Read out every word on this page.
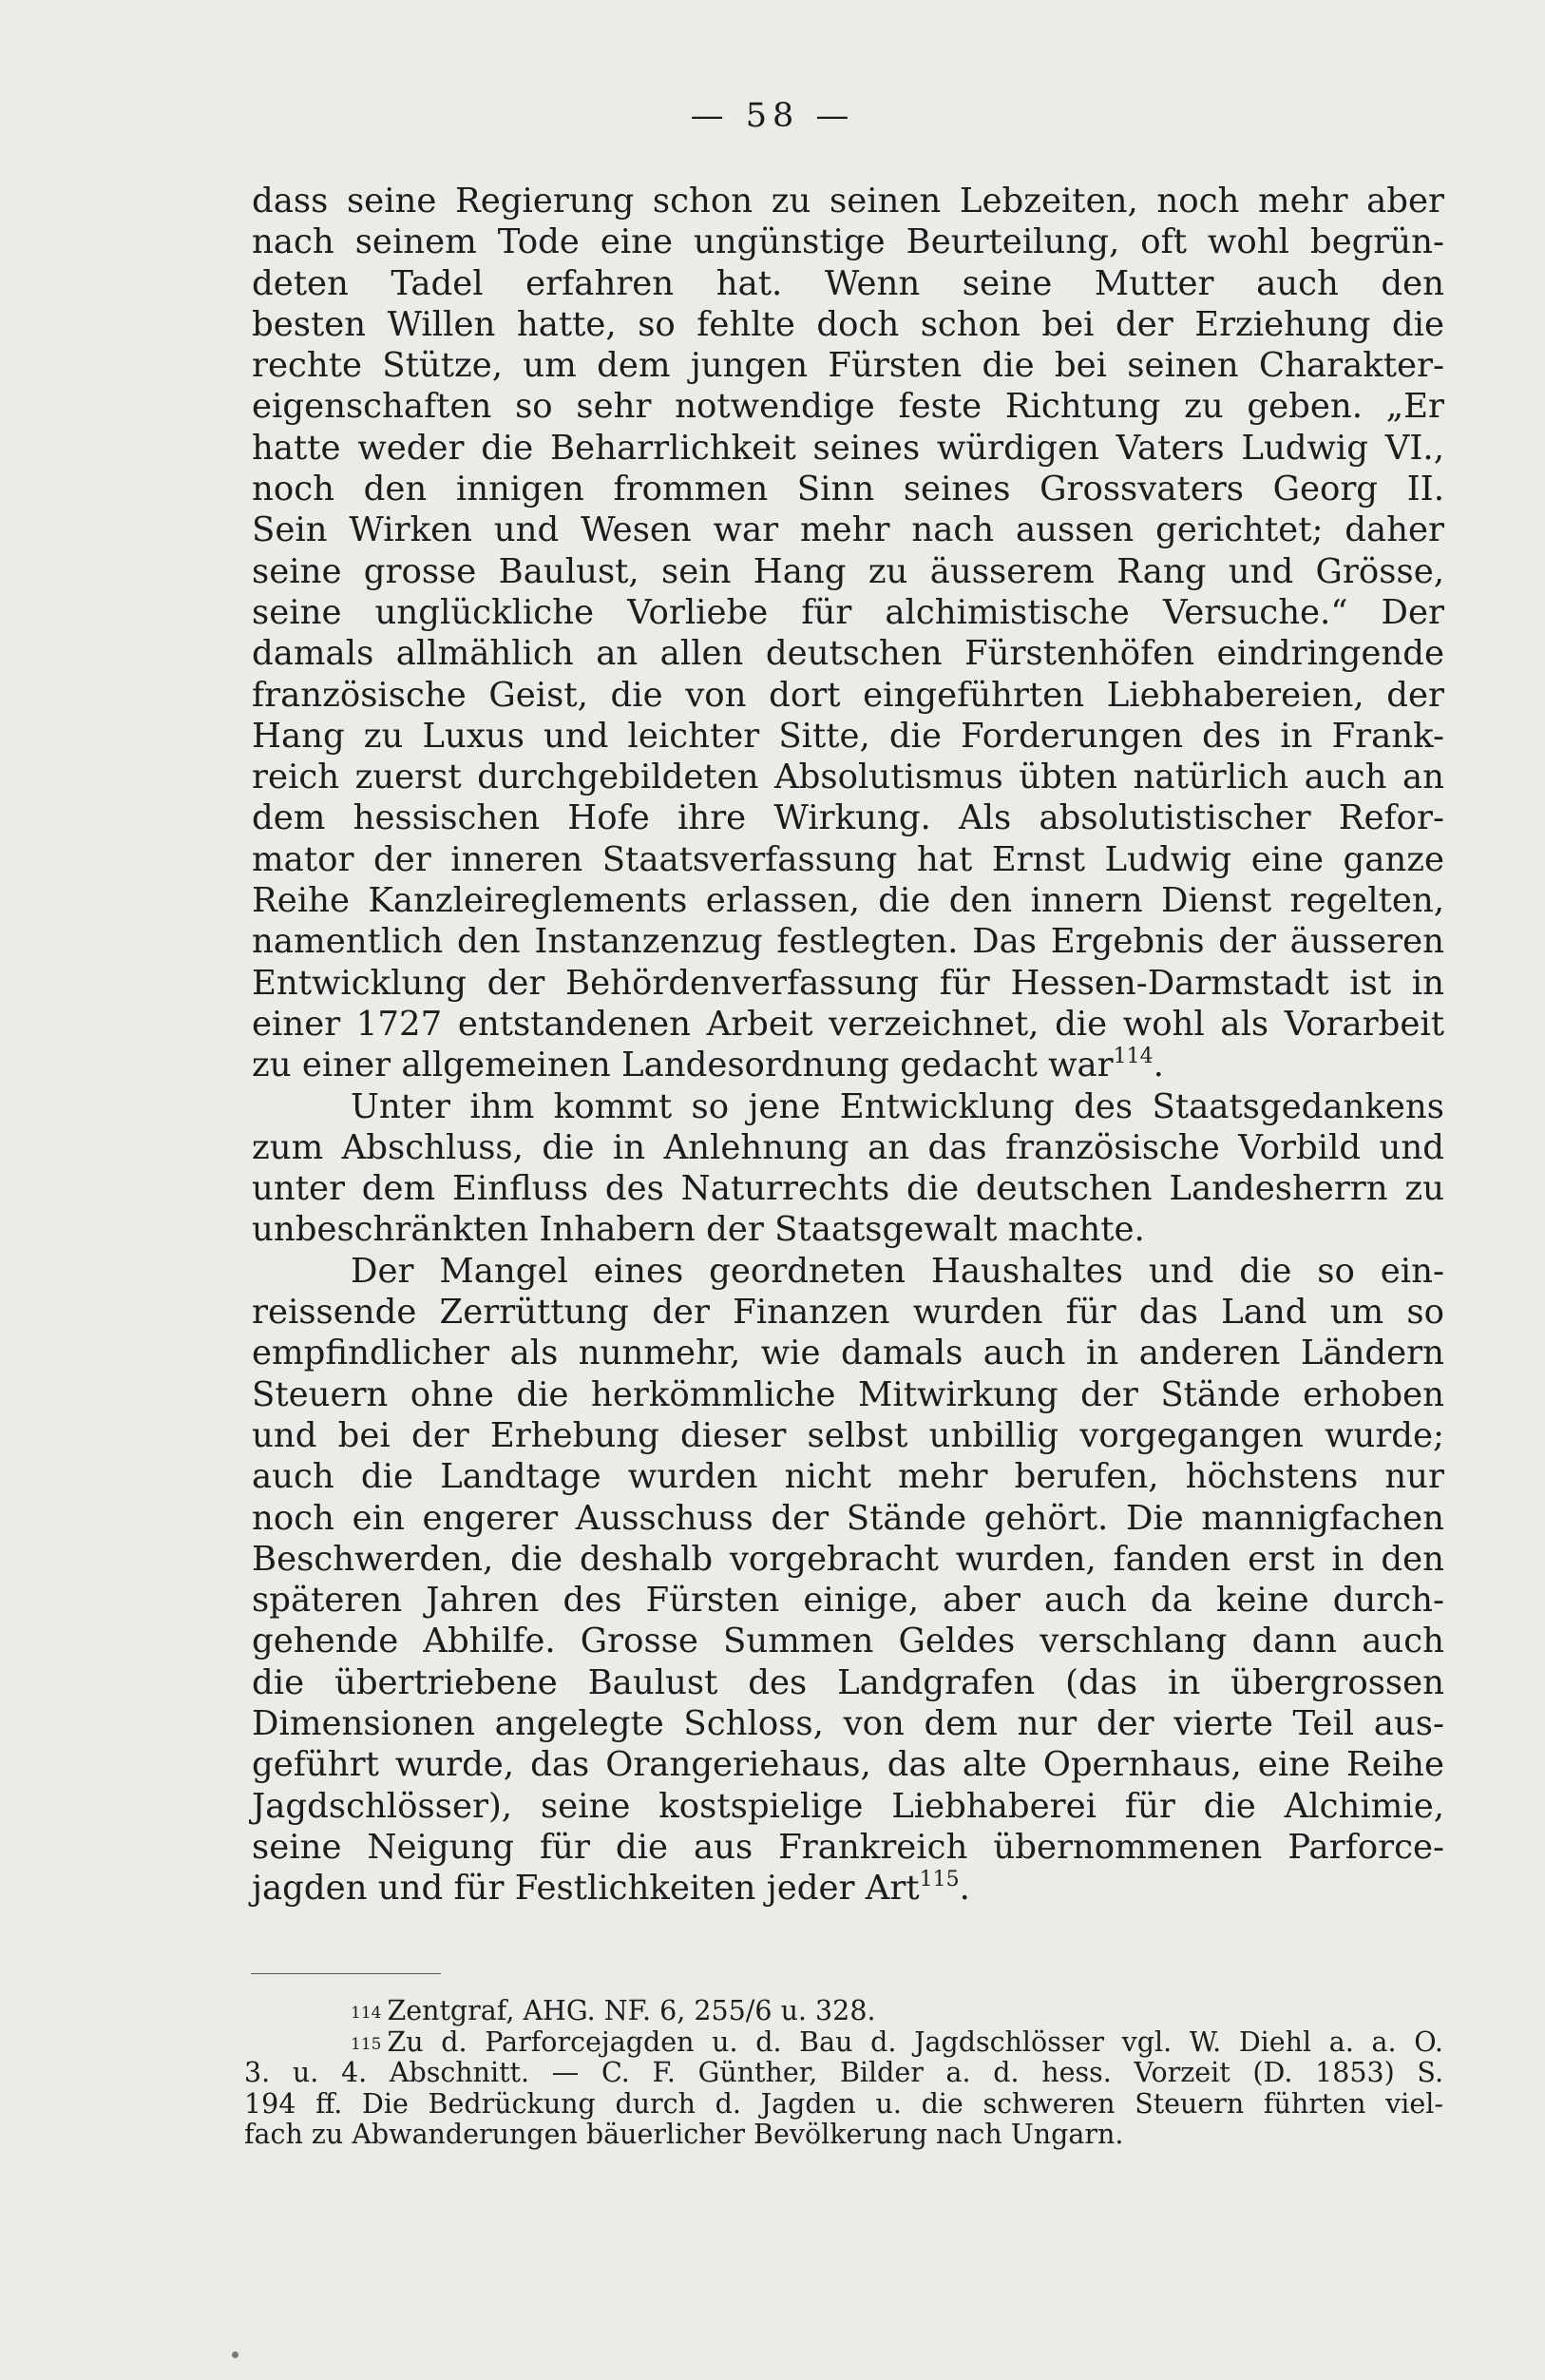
— 58 —
dass seine Regierung schon zu seinen Lebzeiten, noch mehr aber
nach seinem Tode eine ungünstige Beurteilung, oft wohl begrün-
deten Tadel erfahren hat. Wenn seine Mutter auch den
besten Willen hatte, so fehlte doch schon bei der Erziehung die
rechte Stütze, um dem jungen Fürsten die bei seinen Charakter-
eigenschaften so sehr notwendige feste Richtung zu geben. „Er
hatte weder die Beharrlichkeit seines würdigen Vaters Ludwig VI.,
noch den innigen frommen Sinn seines Grossvaters Georg II.
Sein Wirken und Wesen war mehr nach aussen gerichtet; daher
seine grosse Baulust, sein Hang zu äusserem Rang und Grösse,
seine unglückliche Vorliebe für alchimistische Versuche.“ Der
damals allmählich an allen deutschen Fürstenhöfen eindringende
französische Geist, die von dort eingeführten Liebhabereien, der
Hang zu Luxus und leichter Sitte, die Forderungen des in Frank-
reich zuerst durchgebildeten Absolutismus übten natürlich auch an
dem hessischen Hofe ihre Wirkung. Als absolutistischer Refor-
mator der inneren Staatsverfassung hat Ernst Ludwig eine ganze
Reihe Kanzleireglements erlassen, die den innern Dienst regelten,
namentlich den Instanzenzug festlegten. Das Ergebnis der äusseren
Entwicklung der Behördenverfassung für Hessen-Darmstadt ist in
einer 1727 entstandenen Arbeit verzeichnet, die wohl als Vorarbeit
zu einer allgemeinen Landesordnung gedacht war$^{114}$.
Unter ihm kommt so jene Entwicklung des Staatsgedankens
zum Abschluss, die in Anlehnung an das französische Vorbild und
unter dem Einfluss des Naturrechts die deutschen Landesherrn zu
unbeschränkten Inhabern der Staatsgewalt machte.
Der Mangel eines geordneten Haushaltes und die so ein-
reissende Zerrüttung der Finanzen wurden für das Land um so
empfindlicher als nunmehr, wie damals auch in anderen Ländern
Steuern ohne die herkömmliche Mitwirkung der Stände erhoben
und bei der Erhebung dieser selbst unbillig vorgegangen wurde;
auch die Landtage wurden nicht mehr berufen, höchstens nur
noch ein engerer Ausschuss der Stände gehört. Die mannigfachen
Beschwerden, die deshalb vorgebracht wurden, fanden erst in den
späteren Jahren des Fürsten einige, aber auch da keine durch-
gehende Abhilfe. Grosse Summen Geldes verschlang dann auch
die übertriebene Baulust des Landgrafen (das in übergrossen
Dimensionen angelegte Schloss, von dem nur der vierte Teil aus-
geführt wurde, das Orangeriehaus, das alte Opernhaus, eine Reihe
Jagdschlösser), seine kostspielige Liebhaberei für die Alchimie,
seine Neigung für die aus Frankreich übernommenen Parforce-
jagden und für Festlichkeiten jeder Art$^{115}$.
$^{114}$ Zentgraf, AHG. NF. 6, 255/6 u. 328.
$^{115}$ Zu d. Parforcejagden u. d. Bau d. Jagdschlösser vgl. W. Diehl a. a. O.
3. u. 4. Abschnitt. — C. F. Günther, Bilder a. d. hess. Vorzeit (D. 1853) S.
194 ff. Die Bedrückung durch d. Jagden u. die schweren Steuern führten viel-
fach zu Abwanderungen bäuerlicher Bevölkerung nach Ungarn.
